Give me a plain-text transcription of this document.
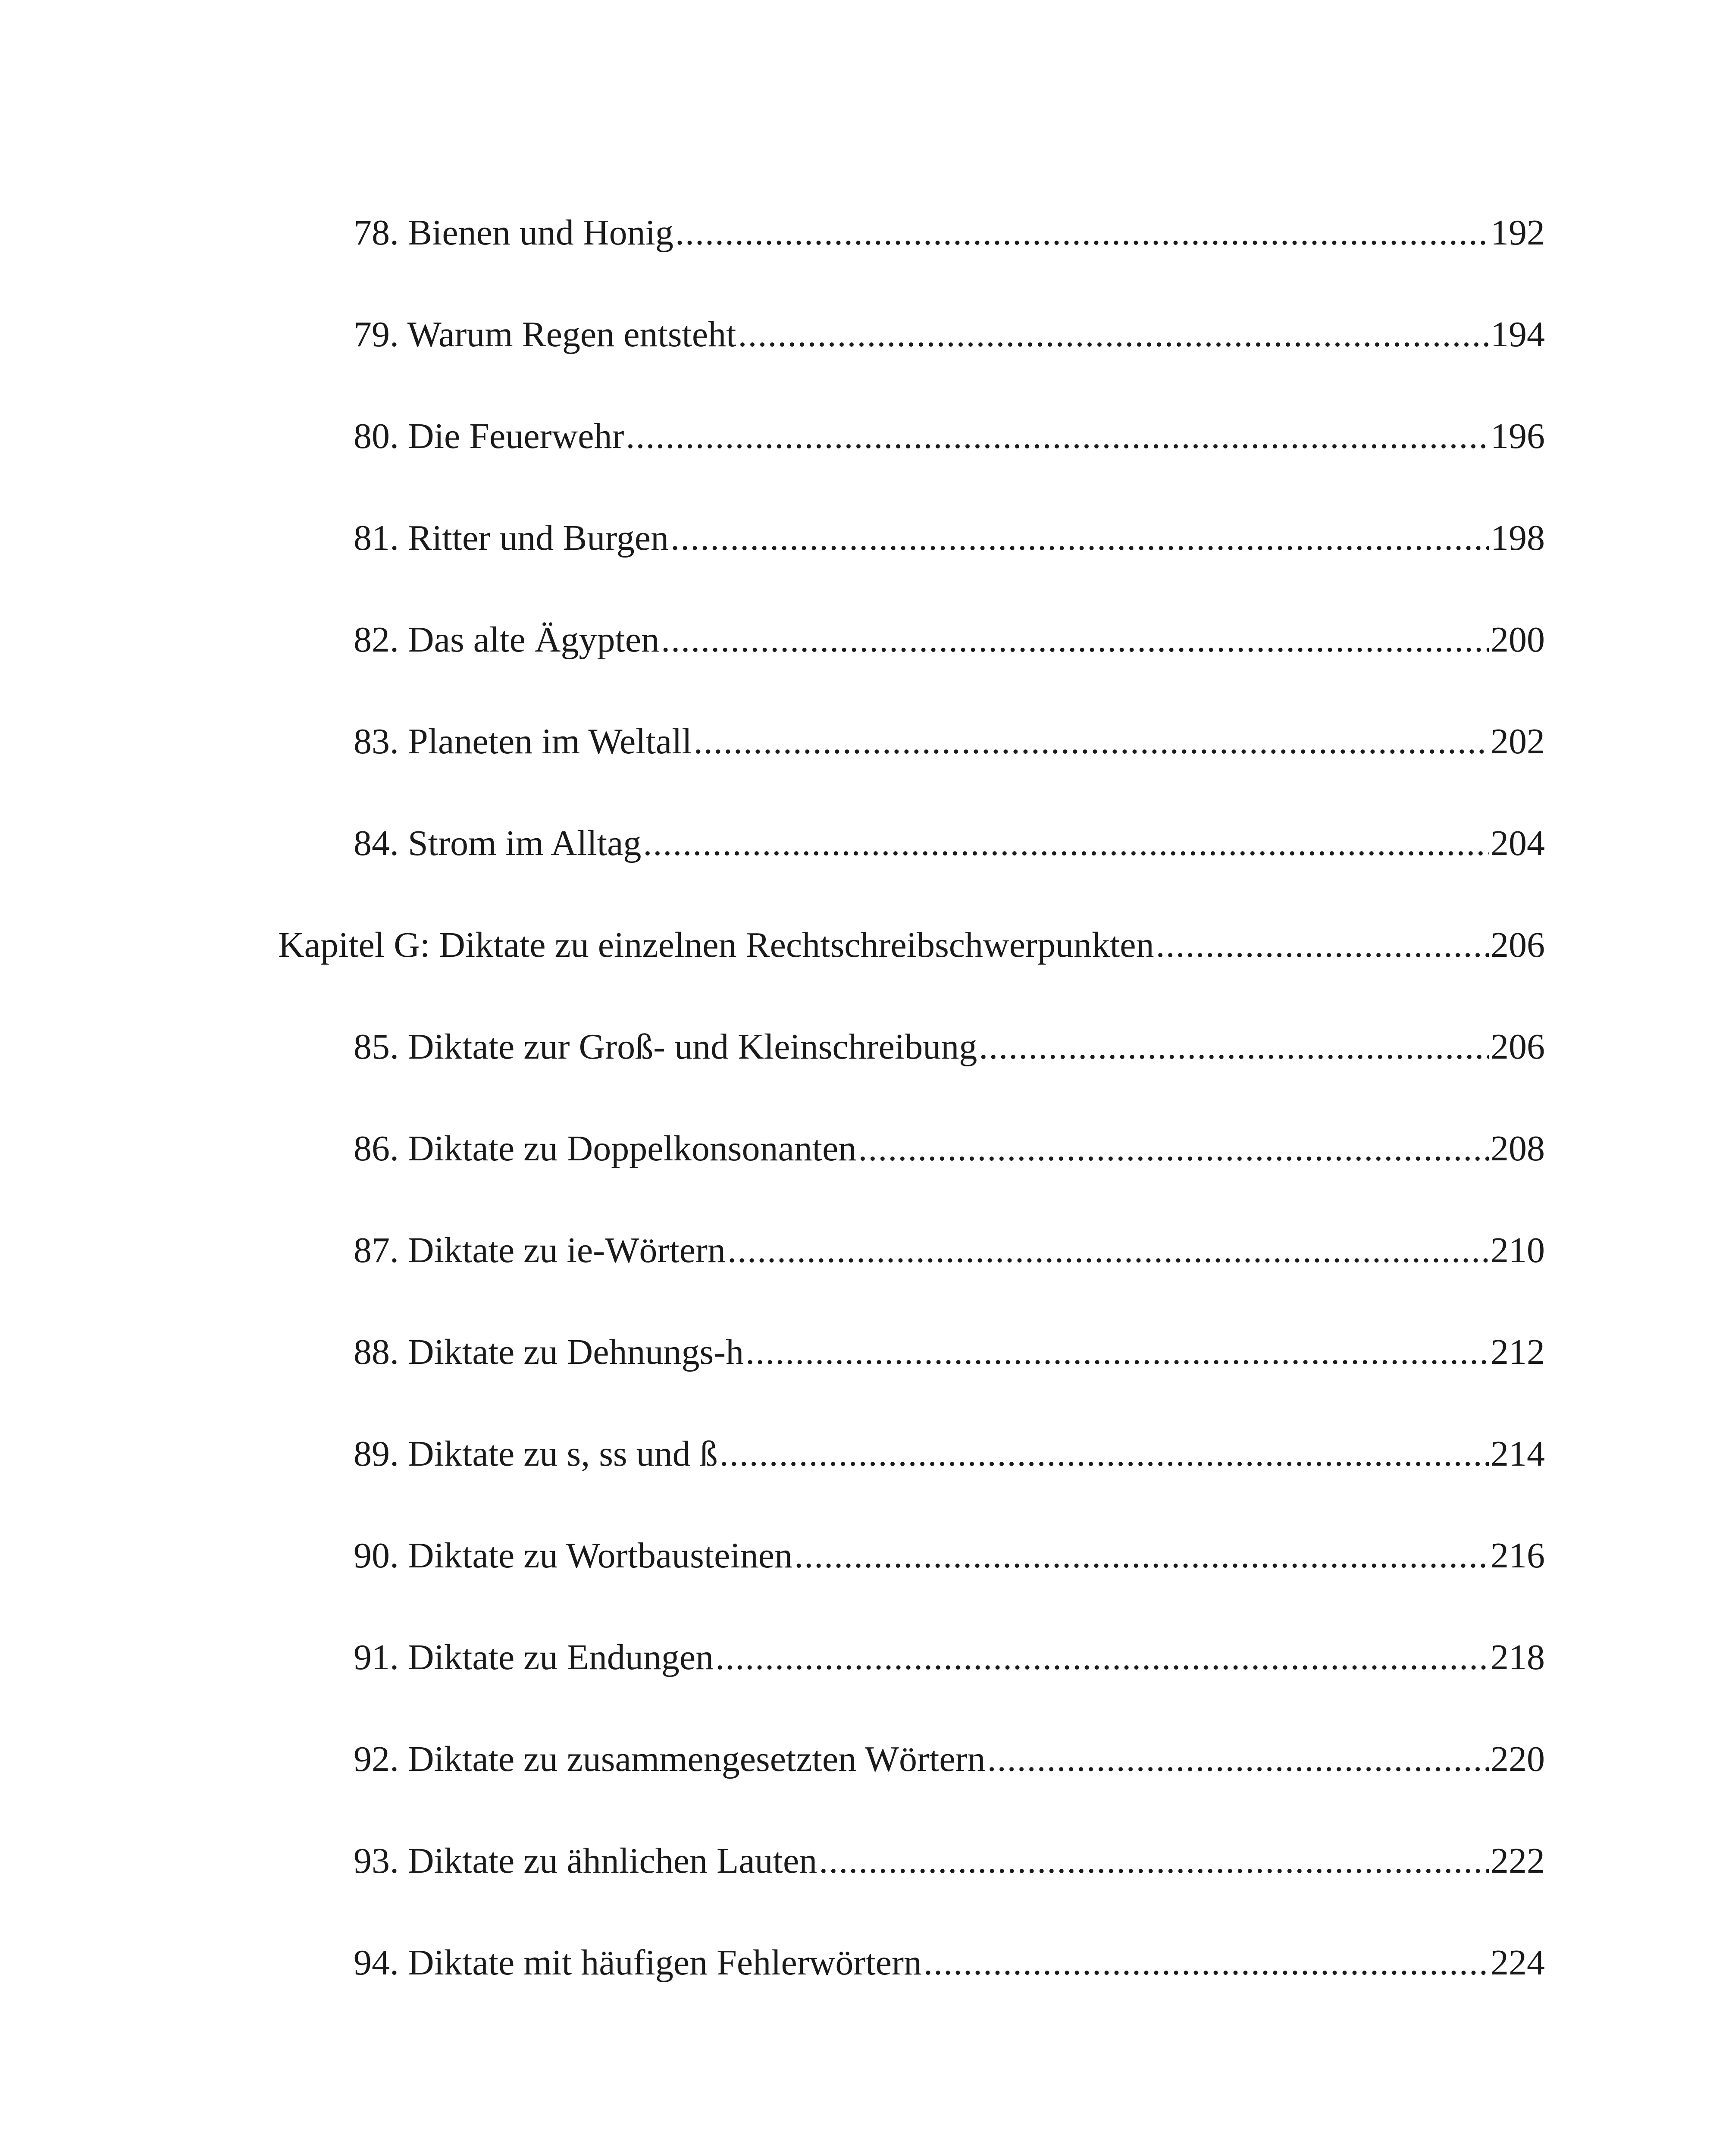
78. Bienen und Honig .....	192
79. Warum Regen entsteht .....	194
80. Die Feuerwehr .....	196
81. Ritter und Burgen .....	198
82. Das alte Ägypten .....	200
83. Planeten im Weltall .....	202
84. Strom im Alltag .....	204
Kapitel G: Diktate zu einzelnen Rechtschreibschwerpunkten .....	206
85. Diktate zur Groß- und Kleinschreibung .....	206
86. Diktate zu Doppelkonsonanten .....	208
87. Diktate zu ie-Wörtern .....	210
88. Diktate zu Dehnungs-h .....	212
89. Diktate zu s, ss und ß .....	214
90. Diktate zu Wortbausteinen .....	216
91. Diktate zu Endungen .....	218
92. Diktate zu zusammengesetzten Wörtern .....	220
93. Diktate zu ähnlichen Lauten .....	222
94. Diktate mit häufigen Fehlerwörtern .....	224
